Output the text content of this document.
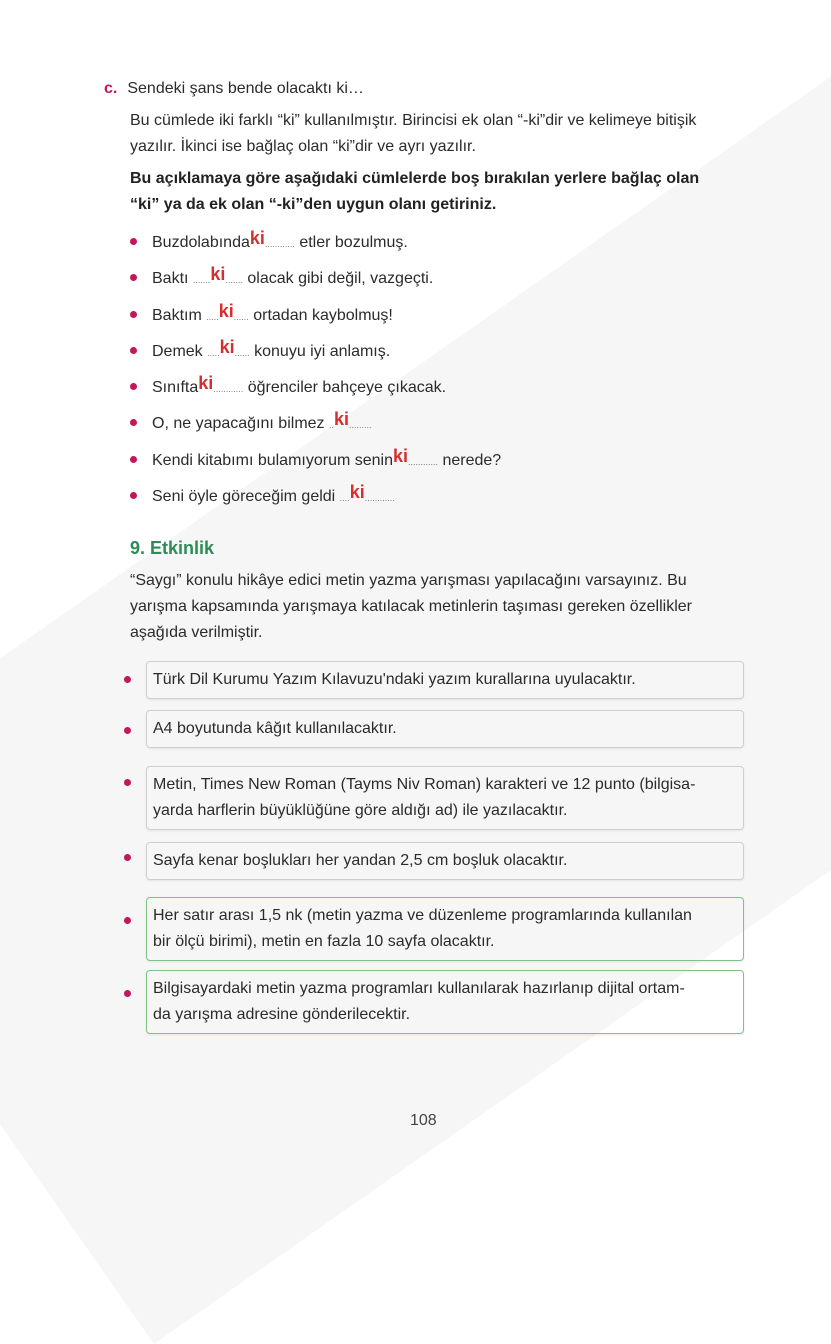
c. Sendeki şans bende olacaktı ki…
Bu cümlede iki farklı “ki” kullanılmıştır. Birincisi ek olan “-ki”dir ve kelimeye bitişik
yazılır. İkinci ise bağlaç olan “ki”dir ve ayrı yazılır.
Bu açıklamaya göre aşağıdaki cümlelerde boş bırakılan yerlere bağlaç olan
“ki” ya da ek olan “-ki”den uygun olanı getiriniz.
Buzdolabındaki............ etler bozulmuş.
Baktı .......ki....... olacak gibi değil, vazgeçti.
Baktım .....ki...... ortadan kaybolmuş!
Demek .....ki...... konuyu iyi anlamış.
Sınıftaki............ öğrenciler bahçeye çıkacak.
O, ne yapacağını bilmez ..ki.........
Kendi kitabımı bulamıyorum seninki............ nerede?
Seni öyle göreceğim geldi ....ki............
9. Etkinlik
“Saygı” konulu hikâye edici metin yazma yarışması yapılacağını varsayınız. Bu
yarışma kapsamında yarışmaya katılacak metinlerin taşıması gereken özellikler
aşağıda verilmiştir.
Türk Dil Kurumu Yazım Kılavuzu'ndaki yazım kurallarına uyulacaktır.
A4 boyutunda kâğıt kullanılacaktır.
Metin, Times New Roman (Tayms Niv Roman) karakteri ve 12 punto (bilgisa-
yarda harflerin büyüklüğüne göre aldığı ad) ile yazılacaktır.
Sayfa kenar boşlukları her yandan 2,5 cm boşluk olacaktır.
Her satır arası 1,5 nk (metin yazma ve düzenleme programlarında kullanılan
bir ölçü birimi), metin en fazla 10 sayfa olacaktır.
Bilgisayardaki metin yazma programları kullanılarak hazırlanıp dijital ortam-
da yarışma adresine gönderilecektir.
108
